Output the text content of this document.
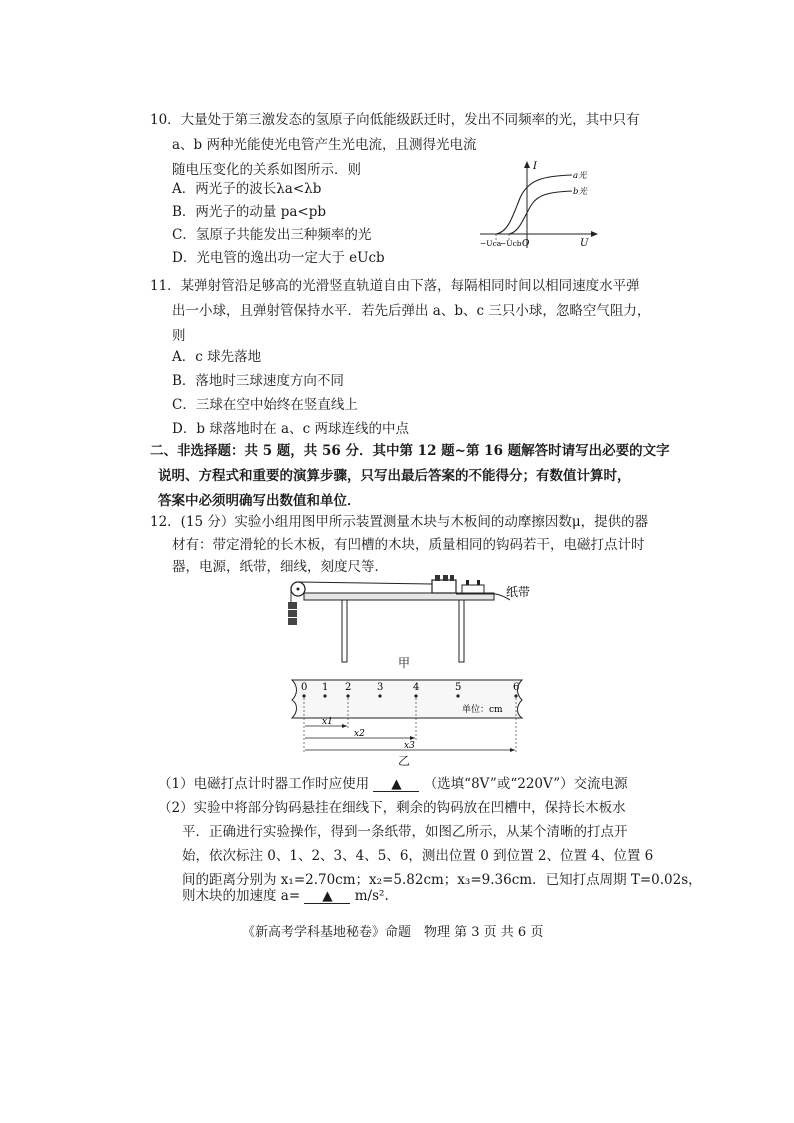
10．大量处于第三激发态的氢原子向低能级跃迁时，发出不同频率的光，其中只有
a、b 两种光能使光电管产生光电流，且测得光电流
随电压变化的关系如图所示．则
A．两光子的波长λa<λb
B．两光子的动量 pa<pb
C．氢原子共能发出三种频率的光
D．光电管的逸出功一定大于 eUcb
I
U
O
a光
b光
−Uca
−Ucb
11．某弹射管沿足够高的光滑竖直轨道自由下落，每隔相同时间以相同速度水平弹
出一小球，且弹射管保持水平．若先后弹出 a、b、c 三只小球，忽略空气阻力，
则
A．c 球先落地
B．落地时三球速度方向不同
C．三球在空中始终在竖直线上
D．b 球落地时在 a、c 两球连线的中点
二、非选择题：共 5 题，共 56 分．其中第 12 题~第 16 题解答时请写出必要的文字
说明、方程式和重要的演算步骤，只写出最后答案的不能得分；有数值计算时，
答案中必须明确写出数值和单位．
12．(15 分）实验小组用图甲所示装置测量木块与木板间的动摩擦因数μ，提供的器
材有：带定滑轮的长木板，有凹槽的木块，质量相同的钩码若干，电磁打点计时
器，电源，纸带，细线，刻度尺等．
纸带
甲
0 1 2	3	4	5	6
单位：cm
x1
x2
x3
乙
（1）电磁打点计时器工作时应使用 ▲ （选填“8V”或“220V”）交流电源
（2）实验中将部分钩码悬挂在细线下，剩余的钩码放在凹槽中，保持长木板水
平．正确进行实验操作，得到一条纸带，如图乙所示，从某个清晰的打点开
始，依次标注 0、1、2、3、4、5、6，测出位置 0 到位置 2、位置 4、位置 6
间的距离分别为 x₁=2.70cm；x₂=5.82cm；x₃=9.36cm．已知打点周期 T=0.02s，
则木块的加速度 a= ▲ m/s².
《新高考学科基地秘卷》命题　物理 第 3 页 共 6 页
